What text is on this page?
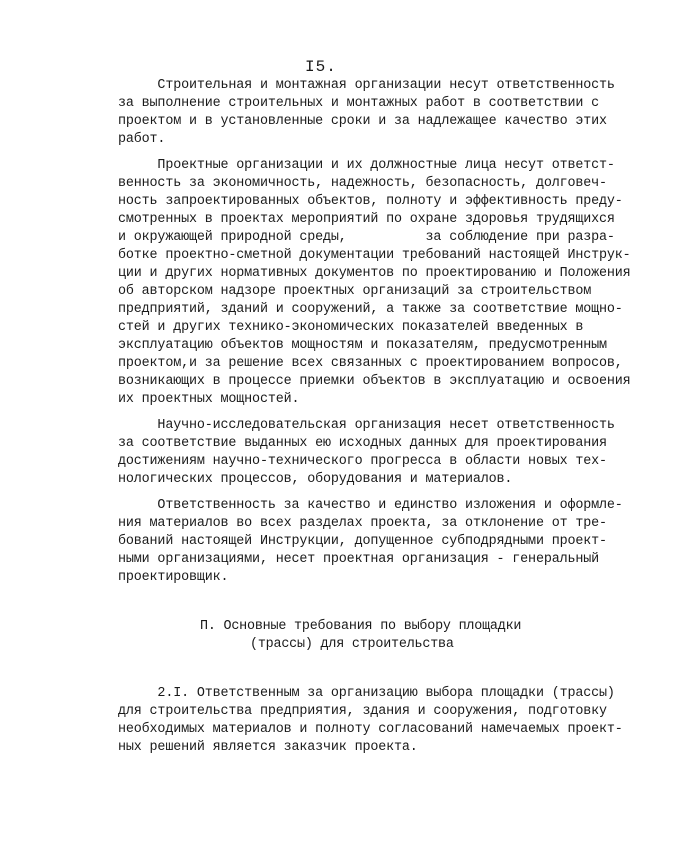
I5.
Строительная и монтажная организации несут ответственность
за выполнение строительных и монтажных работ в соответствии с
проектом и в установленные сроки и за надлежащее качество этих
работ.
Проектные организации и их должностные лица несут ответст-
венность за экономичность, надежность, безопасность, долговеч-
ность запроектированных объектов, полноту и эффективность преду-
смотренных в проектах мероприятий по охране здоровья трудящихся
и окружающей природной среды,          за соблюдение при разра-
ботке проектно-сметной документации требований настоящей Инструк-
ции и других нормативных документов по проектированию и Положения
об авторском надзоре проектных организаций за строительством
предприятий, зданий и сооружений, а также за соответствие мощно-
стей и других технико-экономических показателей введенных в
эксплуатацию объектов мощностям и показателям, предусмотренным
проектом,и за решение всех связанных с проектированием вопросов,
возникающих в процессе приемки объектов в эксплуатацию и освоения
их проектных мощностей.
Научно-исследовательская организация несет ответственность
за соответствие выданных ею исходных данных для проектирования
достижениям научно-технического прогресса в области новых тех-
нологических процессов, оборудования и материалов.
Ответственность за качество и единство изложения и оформле-
ния материалов во всех разделах проекта, за отклонение от тре-
бований настоящей Инструкции, допущенное субподрядными проект-
ными организациями, несет проектная организация - генеральный
проектировщик.
П. Основные требования по выбору площадки
(трассы) для строительства
2.I. Ответственным за организацию выбора площадки (трассы)
для строительства предприятия, здания и сооружения, подготовку
необходимых материалов и полноту согласований намечаемых проект-
ных решений является заказчик проекта.
